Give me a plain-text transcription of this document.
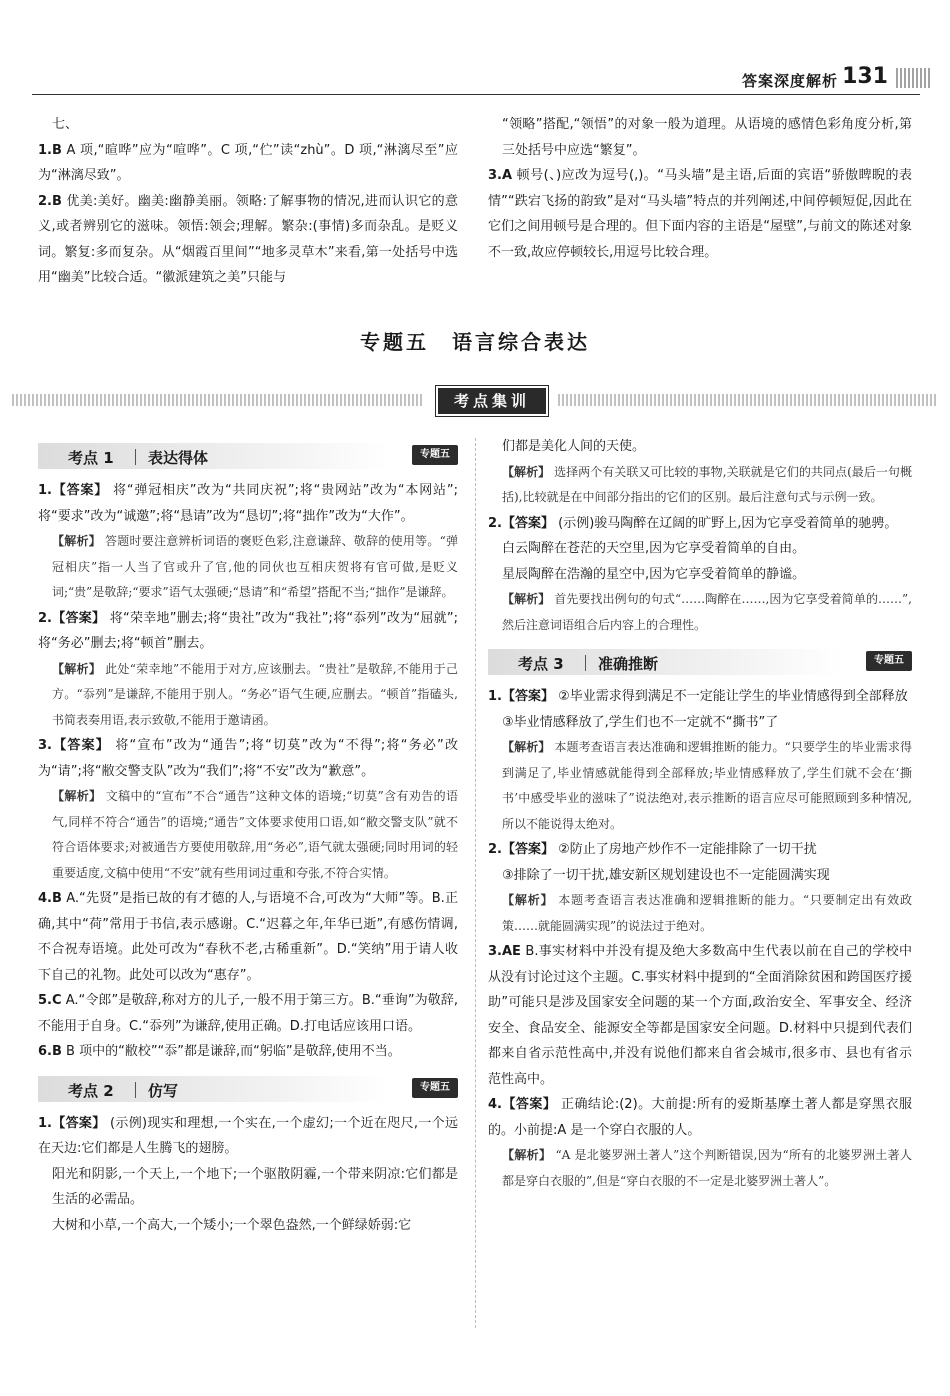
答案深度解析 131

七、

1.B A 项,“暄哗”应为“喧哗”。C 项,“伫”读“zhù”。D 项,“淋漓尽至”应为“淋漓尽致”。

2.B 优美:美好。幽美:幽静美丽。领略:了解事物的情况,进而认识它的意义,或者辨别它的滋味。领悟:领会;理解。繁杂:(事情)多而杂乱。是贬义词。繁复:多而复杂。从“烟霞百里间”“地多灵草木”来看,第一处括号中选用“幽美”比较合适。“徽派建筑之美”只能与

“领略”搭配,“领悟”的对象一般为道理。从语境的感情色彩角度分析,第三处括号中应选“繁复”。

3.A 顿号(、)应改为逗号(,)。“马头墙”是主语,后面的宾语“骄傲睥睨的表情”“跌宕飞扬的韵致”是对“马头墙”特点的并列阐述,中间停顿短促,因此在它们之间用顿号是合理的。但下面内容的主语是“屋壁”,与前文的陈述对象不一致,故应停顿较长,用逗号比较合理。

专题五　语言综合表达
考点集训
考点 1 表达得体	专题五

1.【答案】 将“弹冠相庆”改为“共同庆祝”;将“贵网站”改为“本网站”;将“要求”改为“诚邀”;将“恳请”改为“恳切”;将“拙作”改为“大作”。

【解析】 答题时要注意辨析词语的褒贬色彩,注意谦辞、敬辞的使用等。“弹冠相庆”指一人当了官或升了官,他的同伙也互相庆贺将有官可做,是贬义词;“贵”是敬辞;“要求”语气太强硬;“恳请”和“希望”搭配不当;“拙作”是谦辞。

2.【答案】 将“荣幸地”删去;将“贵社”改为“我社”;将“忝列”改为“屈就”;将“务必”删去;将“顿首”删去。

【解析】 此处“荣幸地”不能用于对方,应该删去。“贵社”是敬辞,不能用于己方。“忝列”是谦辞,不能用于别人。“务必”语气生硬,应删去。“顿首”指磕头,书简表奏用语,表示致敬,不能用于邀请函。

3.【答案】 将“宣布”改为“通告”;将“切莫”改为“不得”;将“务必”改为“请”;将“敝交警支队”改为“我们”;将“不安”改为“歉意”。

【解析】 文稿中的“宣布”不合“通告”这种文体的语境;“切莫”含有劝告的语气,同样不符合“通告”的语境;“通告”文体要求使用口语,如“敝交警支队”就不符合语体要求;对被通告方要使用敬辞,用“务必”,语气就太强硬;同时用词的轻重要适度,文稿中使用“不安”就有些用词过重和夸张,不符合实情。

4.B A.“先贤”是指已故的有才德的人,与语境不合,可改为“大师”等。B.正确,其中“荷”常用于书信,表示感谢。C.“迟暮之年,年华已逝”,有感伤情调,不合祝寿语境。此处可改为“春秋不老,古稀重新”。D.“笑纳”用于请人收下自己的礼物。此处可以改为“惠存”。

5.C A.“令郎”是敬辞,称对方的儿子,一般不用于第三方。B.“垂询”为敬辞,不能用于自身。C.“忝列”为谦辞,使用正确。D.打电话应该用口语。

6.B B 项中的“敝校”“忝”都是谦辞,而“躬临”是敬辞,使用不当。

考点 2 仿写	专题五

1.【答案】 (示例)现实和理想,一个实在,一个虚幻;一个近在咫尺,一个远在天边:它们都是人生腾飞的翅膀。

阳光和阴影,一个天上,一个地下;一个驱散阴霾,一个带来阴凉:它们都是生活的必需品。

大树和小草,一个高大,一个矮小;一个翠色盎然,一个鲜绿娇弱:它

们都是美化人间的天使。

【解析】 选择两个有关联又可比较的事物,关联就是它们的共同点(最后一句概括),比较就是在中间部分指出的它们的区别。最后注意句式与示例一致。

2.【答案】 (示例)骏马陶醉在辽阔的旷野上,因为它享受着简单的驰骋。

白云陶醉在苍茫的天空里,因为它享受着简单的自由。

星辰陶醉在浩瀚的星空中,因为它享受着简单的静谧。

【解析】 首先要找出例句的句式“……陶醉在……,因为它享受着简单的……”,然后注意词语组合后内容上的合理性。

考点 3 准确推断	专题五

1.【答案】 ②毕业需求得到满足不一定能让学生的毕业情感得到全部释放

③毕业情感释放了,学生们也不一定就不“撕书”了

【解析】 本题考查语言表达准确和逻辑推断的能力。“只要学生的毕业需求得到满足了,毕业情感就能得到全部释放;毕业情感释放了,学生们就不会在‘撕书’中感受毕业的滋味了”说法绝对,表示推断的语言应尽可能照顾到多种情况,所以不能说得太绝对。

2.【答案】 ②防止了房地产炒作不一定能排除了一切干扰

③排除了一切干扰,雄安新区规划建设也不一定能圆满实现

【解析】 本题考查语言表达准确和逻辑推断的能力。“只要制定出有效政策……就能圆满实现”的说法过于绝对。

3.AE B.事实材料中并没有提及绝大多数高中生代表以前在自己的学校中从没有讨论过这个主题。C.事实材料中提到的“全面消除贫困和跨国医疗援助”可能只是涉及国家安全问题的某一个方面,政治安全、军事安全、经济安全、食品安全、能源安全等都是国家安全问题。D.材料中只提到代表们都来自省示范性高中,并没有说他们都来自省会城市,很多市、县也有省示范性高中。

4.【答案】 正确结论:(2)。大前提:所有的爱斯基摩土著人都是穿黑衣服的。小前提:A 是一个穿白衣服的人。

【解析】 “A 是北婆罗洲土著人”这个判断错误,因为“所有的北婆罗洲土著人都是穿白衣服的”,但是“穿白衣服的不一定是北婆罗洲土著人”。
